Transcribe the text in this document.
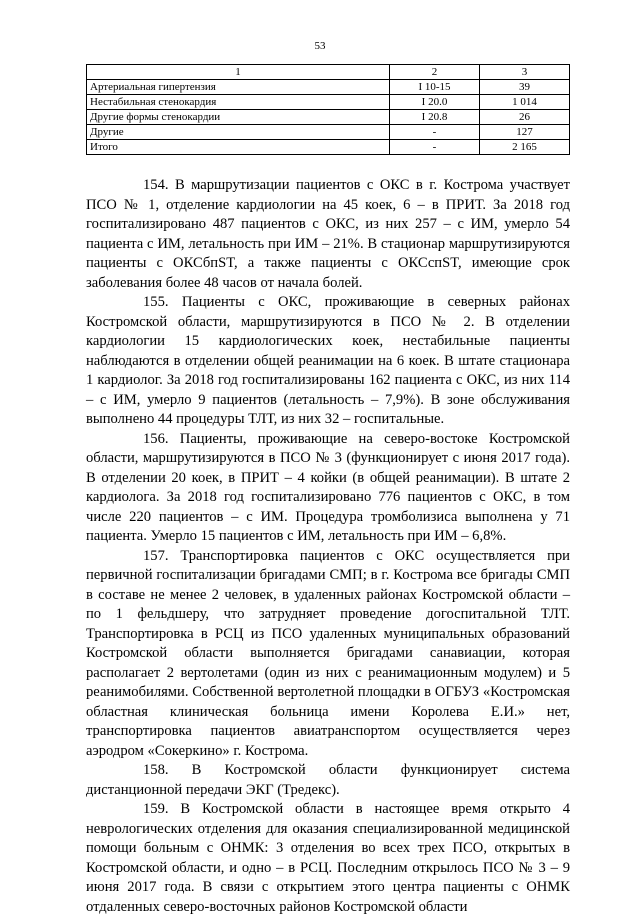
53
1	2	3
Артериальная гипертензия	I 10-15	39
Нестабильная стенокардия	I 20.0	1 014
Другие формы стенокардии	I 20.8	26
Другие	-	127
Итого	-	2 165

154. В маршрутизации пациентов с ОКС в г. Кострома участвует ПСО № 1, отделение кардиологии на 45 коек, 6 – в ПРИТ. За 2018 год госпитализировано 487 пациентов с ОКС, из них 257 – с ИМ, умерло 54 пациента с ИМ, летальность при ИМ – 21%. В стационар маршрутизируются пациенты с ОКСбпST, а также пациенты с ОКСспST, имеющие срок заболевания более 48 часов от начала болей.

155. Пациенты с ОКС, проживающие в северных районах Костромской области, маршрутизируются в ПСО № 2. В отделении кардиологии 15 кардиологических коек, нестабильные пациенты наблюдаются в отделении общей реанимации на 6 коек. В штате стационара 1 кардиолог. За 2018 год госпитализированы 162 пациента с ОКС, из них 114 – с ИМ, умерло 9 пациентов (летальность – 7,9%). В зоне обслуживания выполнено 44 процедуры ТЛТ, из них 32 – госпитальные.

156. Пациенты, проживающие на северо-востоке Костромской области, маршрутизируются в ПСО № 3 (функционирует с июня 2017 года). В отделении 20 коек, в ПРИТ – 4 койки (в общей реанимации). В штате 2 кардиолога. За 2018 год госпитализировано 776 пациентов с ОКС, в том числе 220 пациентов – с ИМ. Процедура тромболизиса выполнена у 71 пациента. Умерло 15 пациентов с ИМ, летальность при ИМ – 6,8%.

157. Транспортировка пациентов с ОКС осуществляется при первичной госпитализации бригадами СМП; в г. Кострома все бригады СМП в составе не менее 2 человек, в удаленных районах Костромской области – по 1 фельдшеру, что затрудняет проведение догоспитальной ТЛТ. Транспортировка в РСЦ из ПСО удаленных муниципальных образований Костромской области выполняется бригадами санавиации, которая располагает 2 вертолетами (один из них с реанимационным модулем) и 5 реанимобилями. Собственной вертолетной площадки в ОГБУЗ «Костромская областная клиническая больница имени Королева Е.И.» нет, транспортировка пациентов авиатранспортом осуществляется через аэродром «Сокеркино» г. Кострома.

158. В Костромской области функционирует система дистанционной передачи ЭКГ (Тредекс).

159. В Костромской области в настоящее время открыто 4 неврологических отделения для оказания специализированной медицинской помощи больным с ОНМК: 3 отделения во всех трех ПСО, открытых в Костромской области, и одно – в РСЦ. Последним открылось ПСО № 3 – 9 июня 2017 года. В связи с открытием этого центра пациенты с ОНМК отдаленных северо-восточных районов Костромской области
